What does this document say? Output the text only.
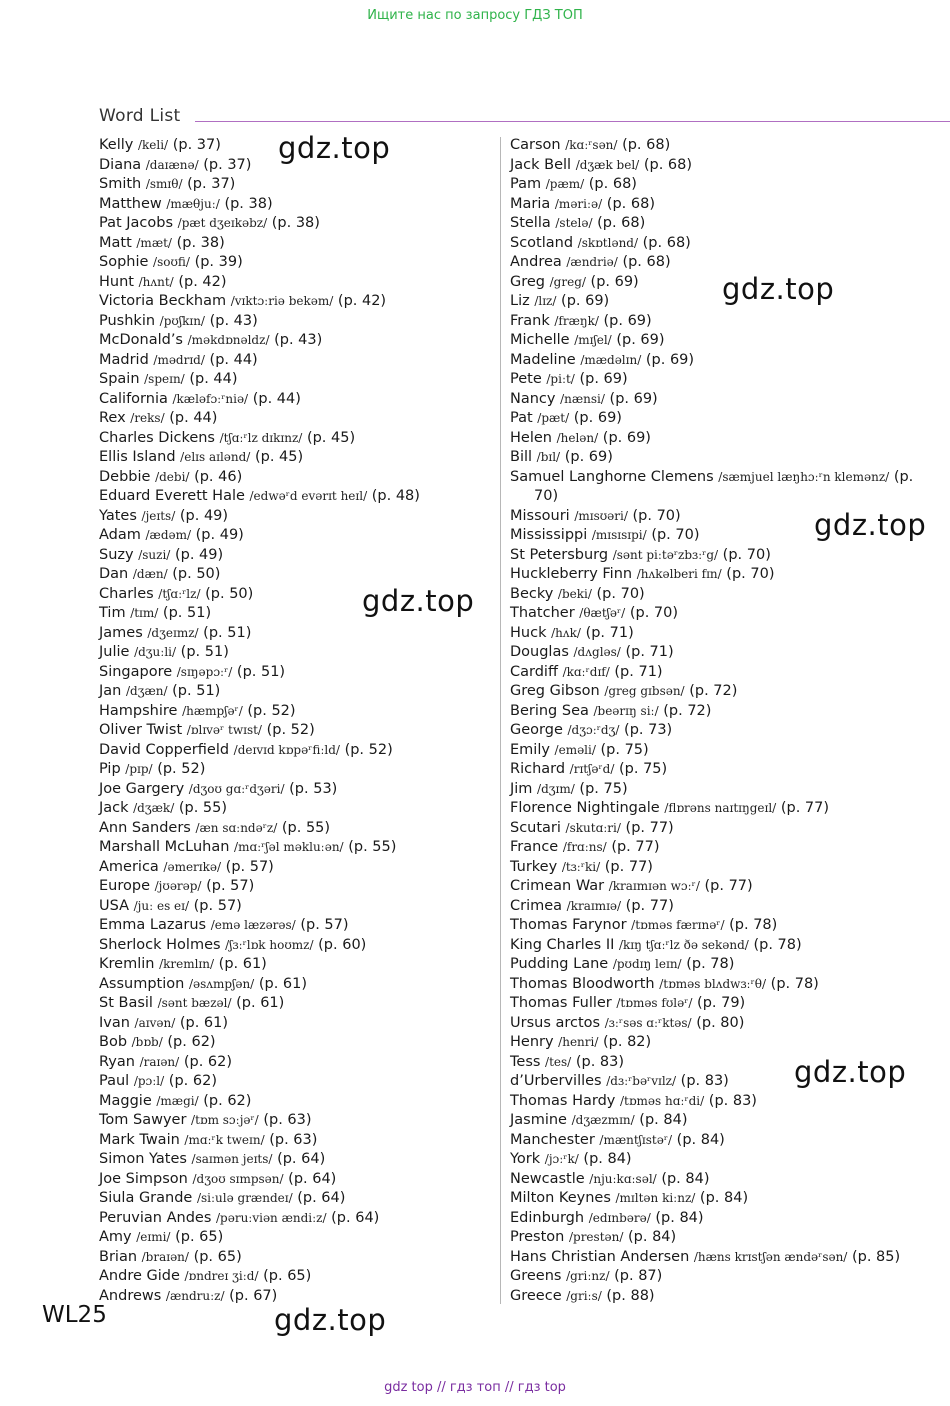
Ищите нас по запросу ГДЗ ТОП
Word List
Kelly /keli/ (p. 37)
Diana /daɪænə/ (p. 37)
Smith /smɪθ/ (p. 37)
Matthew /mæθjuː/ (p. 38)
Pat Jacobs /pæt dʒeɪkəbz/ (p. 38)
Matt /mæt/ (p. 38)
Sophie /soʊfi/ (p. 39)
Hunt /hʌnt/ (p. 42)
Victoria Beckham /vɪktɔːriə bekəm/ (p. 42)
Pushkin /pʊʃkɪn/ (p. 43)
McDonald’s /məkdɒnəldz/ (p. 43)
Madrid /mədrɪd/ (p. 44)
Spain /speɪn/ (p. 44)
California /kæləfɔːʳniə/ (p. 44)
Rex /reks/ (p. 44)
Charles Dickens /tʃɑːʳlz dɪkɪnz/ (p. 45)
Ellis Island /elɪs aɪlənd/ (p. 45)
Debbie /debi/ (p. 46)
Eduard Everett Hale /edwəʳd evərɪt heɪl/ (p. 48)
Yates /jeɪts/ (p. 49)
Adam /ædəm/ (p. 49)
Suzy /suzi/ (p. 49)
Dan /dæn/ (p. 50)
Charles /tʃɑːʳlz/ (p. 50)
Tim /tɪm/ (p. 51)
James /dʒeɪmz/ (p. 51)
Julie /dʒuːli/ (p. 51)
Singapore /sɪŋəpɔːʳ/ (p. 51)
Jan /dʒæn/ (p. 51)
Hampshire /hæmpʃəʳ/ (p. 52)
Oliver Twist /ɒlɪvəʳ twɪst/ (p. 52)
David Copperfield /deɪvɪd kɒpəʳfiːld/ (p. 52)
Pip /pɪp/ (p. 52)
Joe Gargery /dʒoʊ gɑːʳdʒəri/ (p. 53)
Jack /dʒæk/ (p. 55)
Ann Sanders /æn sɑːndəʳz/ (p. 55)
Marshall McLuhan /mɑːʳʃəl məkluːən/ (p. 55)
America /əmerɪkə/ (p. 57)
Europe /jʊərəp/ (p. 57)
USA /juː es eɪ/ (p. 57)
Emma Lazarus /emə læzərəs/ (p. 57)
Sherlock Holmes /ʃɜːʳlɒk hoʊmz/ (p. 60)
Kremlin /kremlɪn/ (p. 61)
Assumption /əsʌmpʃən/ (p. 61)
St Basil /sənt bæzəl/ (p. 61)
Ivan /aɪvən/ (p. 61)
Bob /bɒb/ (p. 62)
Ryan /raɪən/ (p. 62)
Paul /pɔːl/ (p. 62)
Maggie /mægi/ (p. 62)
Tom Sawyer /tɒm sɔːjəʳ/ (p. 63)
Mark Twain /mɑːʳk tweɪn/ (p. 63)
Simon Yates /saɪmən jeɪts/ (p. 64)
Joe Simpson /dʒoʊ sɪmpsən/ (p. 64)
Siula Grande /siːulə grændeɪ/ (p. 64)
Peruvian Andes /pəruːviən ændiːz/ (p. 64)
Amy /eɪmi/ (p. 65)
Brian /braɪən/ (p. 65)
Andre Gide /ɒndreɪ ʒiːd/ (p. 65)
Andrews /ændruːz/ (p. 67)
Carson /kɑːʳsən/ (p. 68)
Jack Bell /dʒæk bel/ (p. 68)
Pam /pæm/ (p. 68)
Maria /məriːə/ (p. 68)
Stella /stelə/ (p. 68)
Scotland /skɒtlənd/ (p. 68)
Andrea /ændriə/ (p. 68)
Greg /greg/ (p. 69)
Liz /lɪz/ (p. 69)
Frank /fræŋk/ (p. 69)
Michelle /mɪʃel/ (p. 69)
Madeline /mædəlɪn/ (p. 69)
Pete /piːt/ (p. 69)
Nancy /nænsi/ (p. 69)
Pat /pæt/ (p. 69)
Helen /helən/ (p. 69)
Bill /bɪl/ (p. 69)
Samuel Langhorne Clemens /sæmjuel læŋhɔːʳn klemənz/ (p. 70)
Missouri /mɪsʊəri/ (p. 70)
Mississippi /mɪsɪsɪpi/ (p. 70)
St Petersburg /sənt piːtəʳzbɜːʳg/ (p. 70)
Huckleberry Finn /hʌkəlberi fɪn/ (p. 70)
Becky /beki/ (p. 70)
Thatcher /θætʃəʳ/ (p. 70)
Huck /hʌk/ (p. 71)
Douglas /dʌgləs/ (p. 71)
Cardiff /kɑːʳdɪf/ (p. 71)
Greg Gibson /greg gɪbsən/ (p. 72)
Bering Sea /beərɪŋ siː/ (p. 72)
George /dʒɔːʳdʒ/ (p. 73)
Emily /eməli/ (p. 75)
Richard /rɪtʃəʳd/ (p. 75)
Jim /dʒɪm/ (p. 75)
Florence Nightingale /flɒrəns naɪtɪŋgeɪl/ (p. 77)
Scutari /skutɑːri/ (p. 77)
France /frɑːns/ (p. 77)
Turkey /tɜːʳki/ (p. 77)
Crimean War /kraɪmɪən wɔːʳ/ (p. 77)
Crimea /kraɪmɪə/ (p. 77)
Thomas Farynor /tɒməs færɪnəʳ/ (p. 78)
King Charles II /kɪŋ tʃɑːʳlz ðə sekənd/ (p. 78)
Pudding Lane /pʊdɪŋ leɪn/ (p. 78)
Thomas Bloodworth /tɒməs blʌdwɜːʳθ/ (p. 78)
Thomas Fuller /tɒməs fʊləʳ/ (p. 79)
Ursus arctos /ɜːʳsəs ɑːʳktəs/ (p. 80)
Henry /henri/ (p. 82)
Tess /tes/ (p. 83)
d’Urbervilles /dɜːʳbəʳvɪlz/ (p. 83)
Thomas Hardy /tɒməs hɑːʳdi/ (p. 83)
Jasmine /dʒæzmɪn/ (p. 84)
Manchester /mæntʃɪstəʳ/ (p. 84)
York /jɔːʳk/ (p. 84)
Newcastle /njuːkɑːsəl/ (p. 84)
Milton Keynes /mɪltən kiːnz/ (p. 84)
Edinburgh /edɪnbərə/ (p. 84)
Preston /prestən/ (p. 84)
Hans Christian Andersen /hæns krɪstʃən ændəʳsən/ (p. 85)
Greens /griːnz/ (p. 87)
Greece /griːs/ (p. 88)
gdz.top
gdz.top
gdz.top
gdz.top
gdz.top
gdz.top
WL25
gdz top // гдз топ // гдз top
